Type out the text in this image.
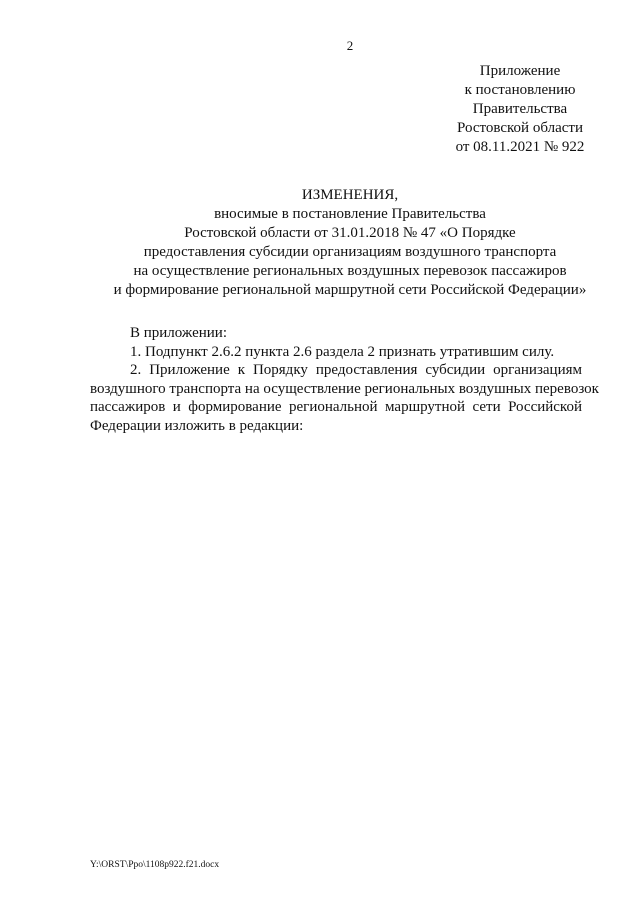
2
Приложение
к постановлению
Правительства
Ростовской области
от 08.11.2021 № 922
ИЗМЕНЕНИЯ,
вносимые в постановление Правительства
Ростовской области от 31.01.2018 № 47 «О Порядке
предоставления субсидии организациям воздушного транспорта
на осуществление региональных воздушных перевозок пассажиров
и формирование региональной маршрутной сети Российской Федерации»

В приложении:

1. Подпункт 2.6.2 пункта 2.6 раздела 2 признать утратившим силу.

2. Приложение к Порядку предоставления субсидии организациям
воздушного транспорта на осуществление региональных воздушных перевозок
пассажиров и формирование региональной маршрутной сети Российской
Федерации изложить в редакции:

Y:\ORST\Ppo\1108p922.f21.docx
